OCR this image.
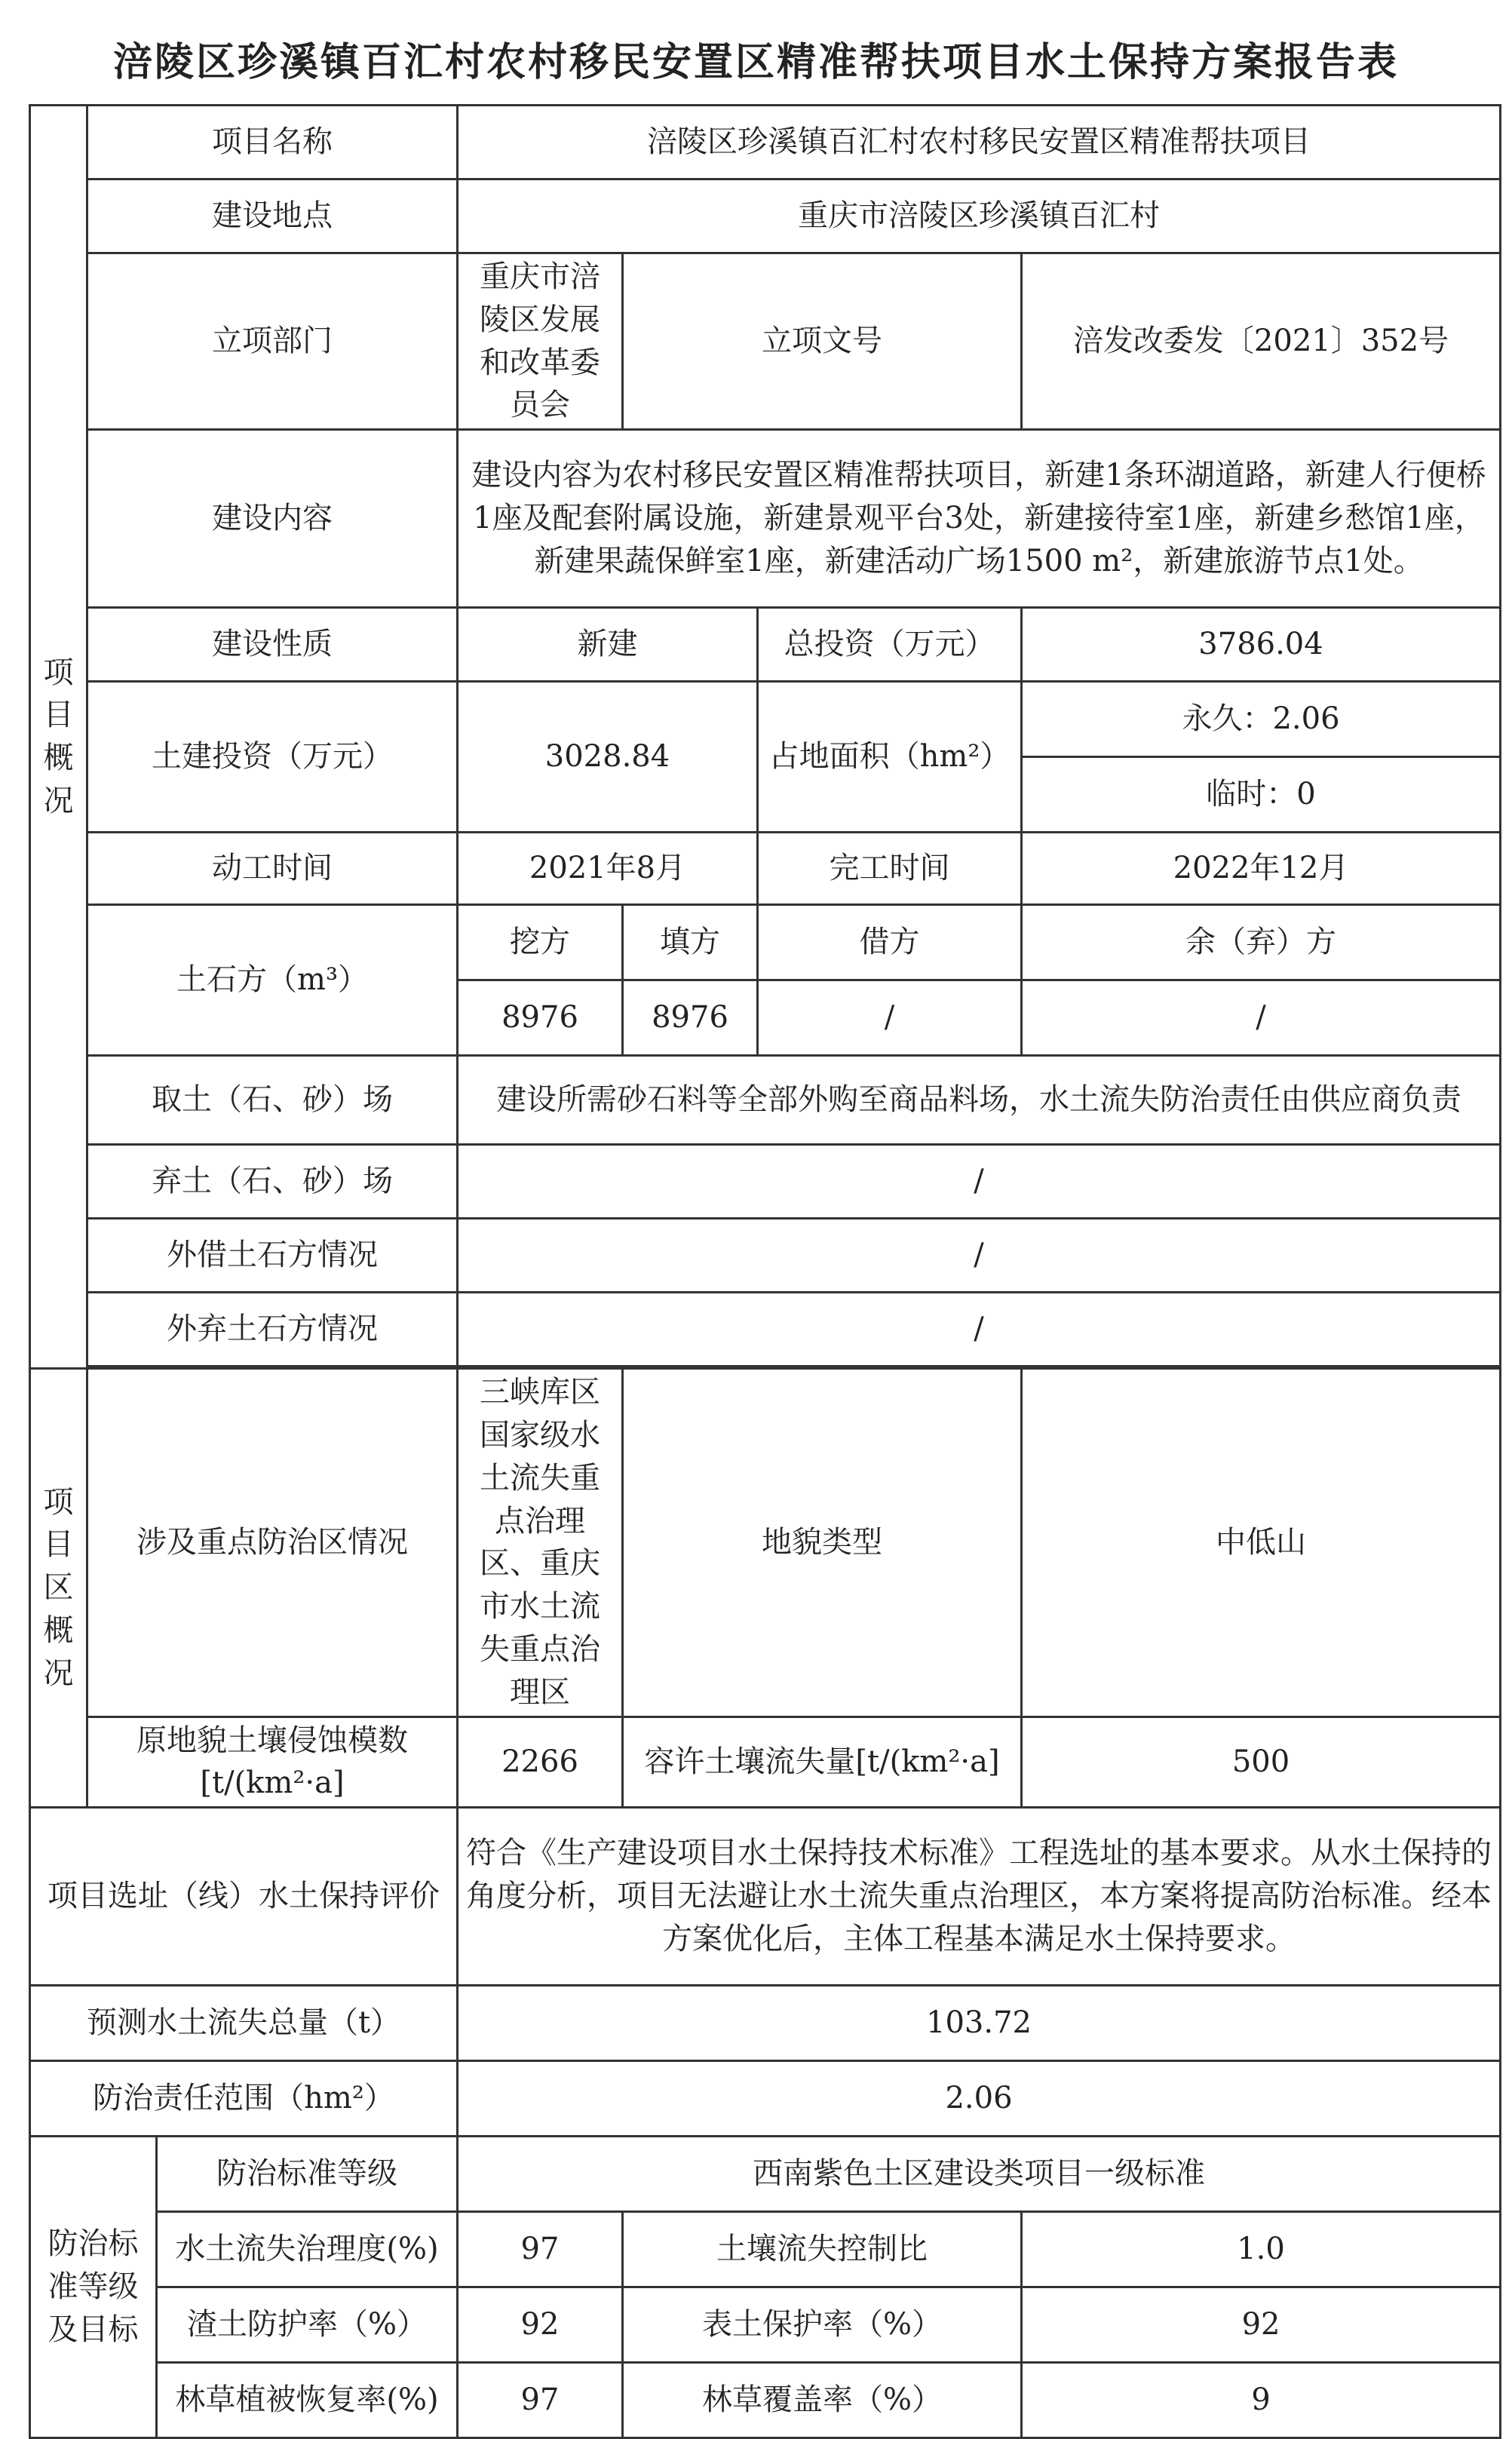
涪陵区珍溪镇百汇村农村移民安置区精准帮扶项目水土保持方案报告表
项目概况	项目名称		涪陵区珍溪镇百汇村农村移民安置区精准帮扶项目			
	建设地点		重庆市涪陵区珍溪镇百汇村			
	立项部门		重庆市涪陵区发展和改革委员会	立项文号		涪发改委发〔2021〕352号
	建设内容		建设内容为农村移民安置区精准帮扶项目，新建1条环湖道路，新建人行便桥1座及配套附属设施，新建景观平台3处，新建接待室1座，新建乡愁馆1座，新建果蔬保鲜室1座，新建活动广场1500 m²，新建旅游节点1处。			
	建设性质		新建		总投资（万元）	3786.04
	土建投资（万元）		3028.84		占地面积（hm²）	永久：2.06
						临时：0
	动工时间		2021年8月		完工时间	2022年12月
	土石方（m³）		挖方	填方	借方	余（弃）方
			8976	8976	/	/
	取土（石、砂）场		建设所需砂石料等全部外购至商品料场，水土流失防治责任由供应商负责			
	弃土（石、砂）场		/			
	外借土石方情况		/			
	外弃土石方情况		/			

项目区概况	涉及重点防治区情况		三峡库区国家级水土流失重点治理区、重庆市水土流失重点治理区	地貌类型		中低山
	原地貌土壤侵蚀模数[t/(km²·a]		2266	容许土壤流失量[t/(km²·a]		500
项目选址（线）水土保持评价			符合《生产建设项目水土保持技术标准》工程选址的基本要求。从水土保持的角度分析，项目无法避让水土流失重点治理区，本方案将提高防治标准。经本方案优化后，主体工程基本满足水土保持要求。			
预测水土流失总量（t）			103.72			
防治责任范围（hm²）			2.06			
防治标准等级及目标		防治标准等级	西南紫色土区建设类项目一级标准			
		水土流失治理度(%)	97	土壤流失控制比		1.0
		渣土防护率（%）	92	表土保护率（%）		92
		林草植被恢复率(%)	97	林草覆盖率（%）		9
